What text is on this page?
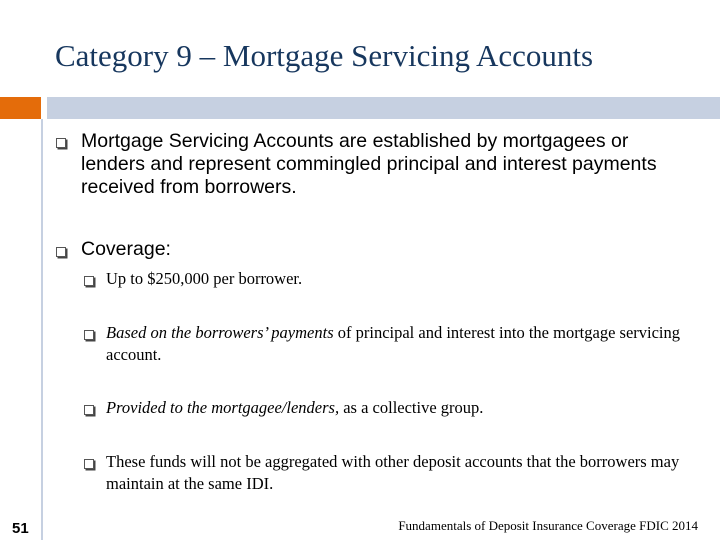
Category 9 – Mortgage Servicing Accounts
Mortgage Servicing Accounts are established by mortgagees or lenders and represent commingled principal and interest payments received from borrowers.
Coverage:
Up to $250,000 per borrower.
Based on the borrowers’ payments of principal and interest into the mortgage servicing account.
Provided to the mortgagee/lenders, as a collective group.
These funds will not be aggregated with other deposit accounts that the borrowers may maintain at the same IDI.
Fundamentals of Deposit Insurance Coverage FDIC 2014
51
